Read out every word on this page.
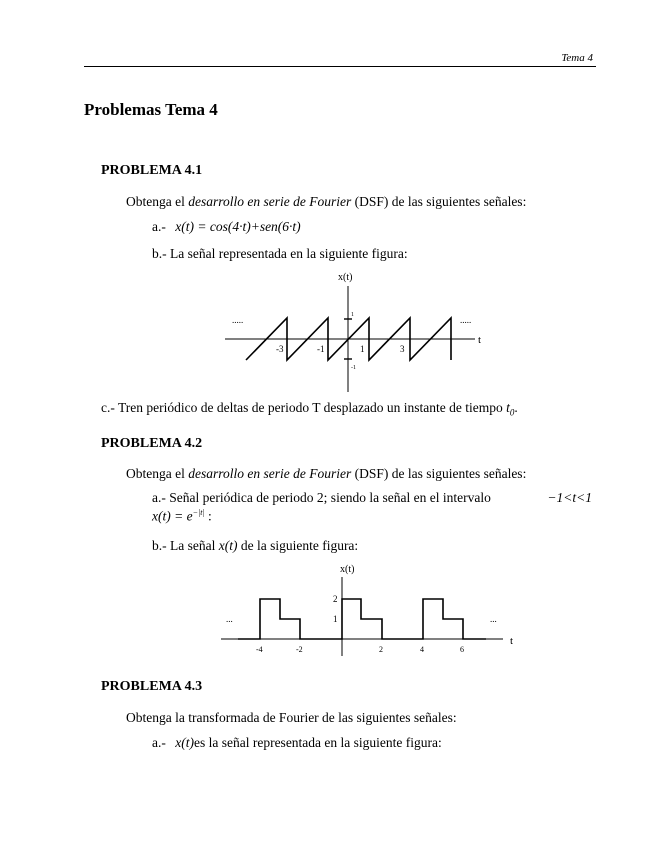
Tema 4
Problemas Tema 4
PROBLEMA 4.1
Obtenga el desarrollo en serie de Fourier (DSF) de las siguientes señales:
a.- x(t) = cos(4·t)+sen(6·t)
b.- La señal representada en la siguiente figura:
x(t)
t
.....	.....
1
-1
-3	-1	1	3
c.- Tren periódico de deltas de periodo T desplazado un instante de tiempo $t_0$.
PROBLEMA 4.2
Obtenga el desarrollo en serie de Fourier (DSF) de las siguientes señales:
a.- Señal periódica de periodo 2; siendo la señal en el intervalo	−1<t<1
$x(t) = e^{-|t|}$ :
b.- La señal x(t) de la siguiente figura:
x(t)
t
...	...
2
1
-4	-2	2	4	6
PROBLEMA 4.3
Obtenga la transformada de Fourier de las siguientes señales:
a.- x(t)es la señal representada en la siguiente figura:
